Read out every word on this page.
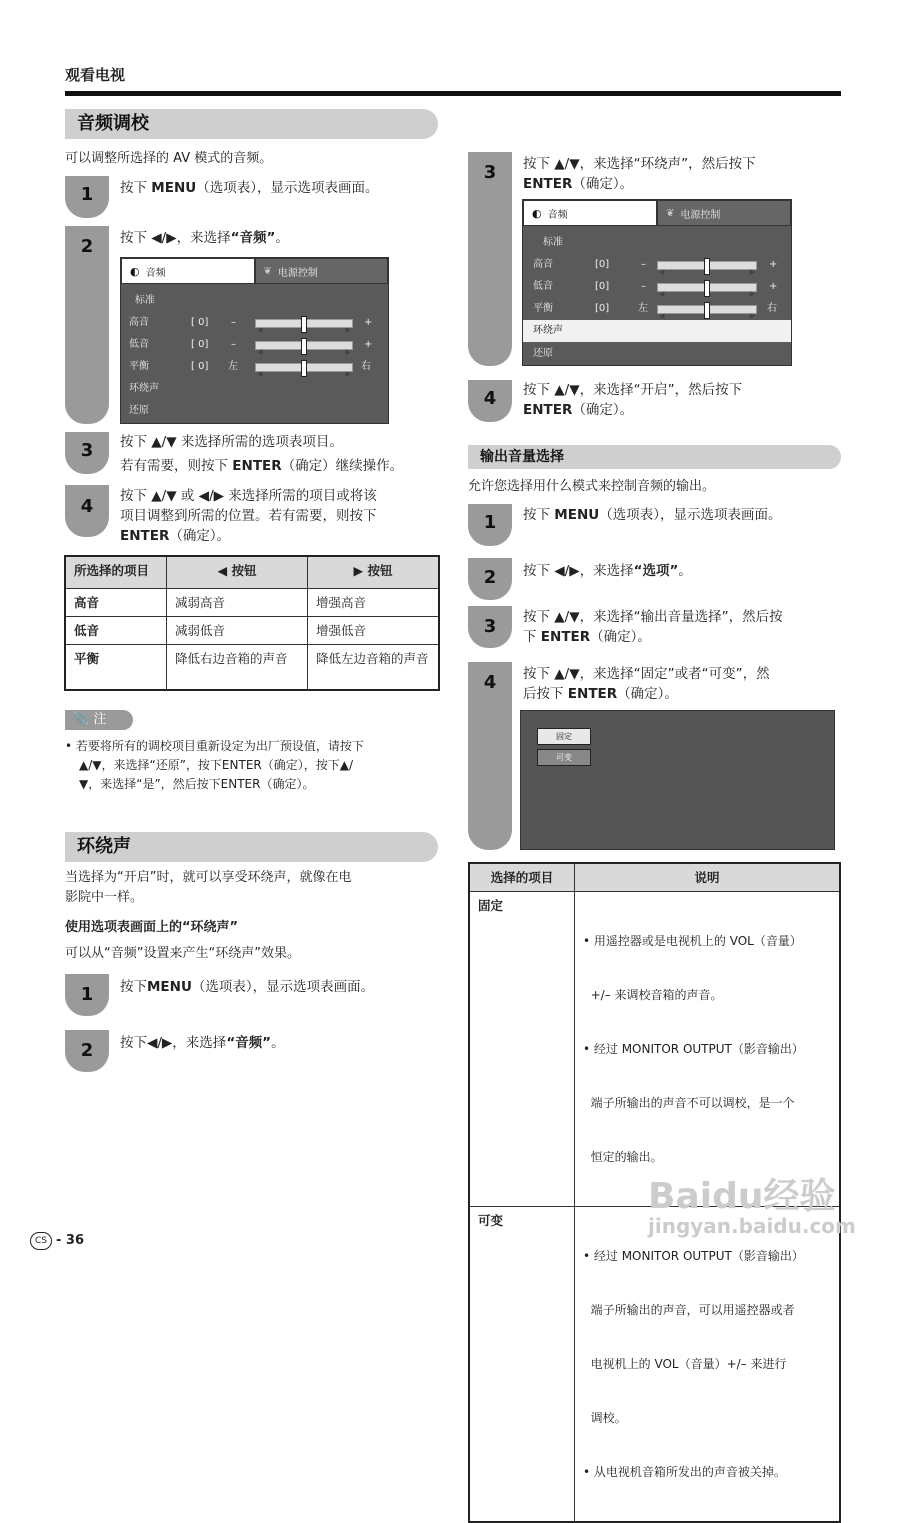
观看电视
音频调校
可以调整所选择的 AV 模式的音频。
1	按下 MENU（选项表），显示选项表画面。
2	按下 ◀/▶，来选择“音频”。
◐ 音频	❦ 电源控制
标准
高音	[ 0] –
◀	▶
+
低音	[ 0] –
◀	▶
+
平衡	[ 0] 左
◀	▶
右
环绕声
还原
3	按下 ▲/▼ 来选择所需的选项表项目。
若有需要，则按下 ENTER（确定）继续操作。
4	按下 ▲/▼ 或 ◀/▶ 来选择所需的项目或将该
项目调整到所需的位置。若有需要，则按下
ENTER（确定）。
所选择的项目	◀ 按钮	▶ 按钮
高音	减弱高音	增强高音
低音	减弱低音	增强低音
平衡	降低右边音箱的声音	降低左边音箱的声音
📎 注
• 若要将所有的调校项目重新设定为出厂预设值，请按下
▲/▼，来选择“还原”，按下ENTER（确定），按下▲/
▼，来选择“是”，然后按下ENTER（确定）。
环绕声
当选择为“开启”时，就可以享受环绕声，就像在电
影院中一样。
使用选项表画面上的“环绕声”
可以从“音频”设置来产生“环绕声”效果。
1	按下MENU（选项表），显示选项表画面。
2	按下◀/▶，来选择“音频”。
3	按下 ▲/▼，来选择“环绕声”，然后按下
ENTER（确定）。
◐ 音频	❦ 电源控制
标准
高音	[0]	–
◀	▶
+
低音	[0]	–
◀	▶
+
平衡	[0]	左
◀	▶
右
环绕声
还原
4	按下 ▲/▼，来选择“开启”，然后按下
ENTER（确定）。
输出音量选择
允许您选择用什么模式来控制音频的输出。
1	按下 MENU（选项表），显示选项表画面。
2	按下 ◀/▶，来选择“选项”。
3	按下 ▲/▼，来选择“输出音量选择”，然后按
下 ENTER（确定）。
4	按下 ▲/▼，来选择“固定”或者“可变”，然
后按下 ENTER（确定）。
固定
可变
选择的项目	说明
固定	• 用遥控器或是电视机上的 VOL（音量）

+/– 来调校音箱的声音。

• 经过 MONITOR OUTPUT（影音输出）

端子所输出的声音不可以调校，是一个

恒定的输出。

可变	• 经过 MONITOR OUTPUT（影音输出）

端子所输出的声音，可以用遥控器或者

电视机上的 VOL（音量）+/– 来进行

调校。

• 从电视机音箱所发出的声音被关掉。

Baidu经验
jingyan.baidu.com
CS - 36
